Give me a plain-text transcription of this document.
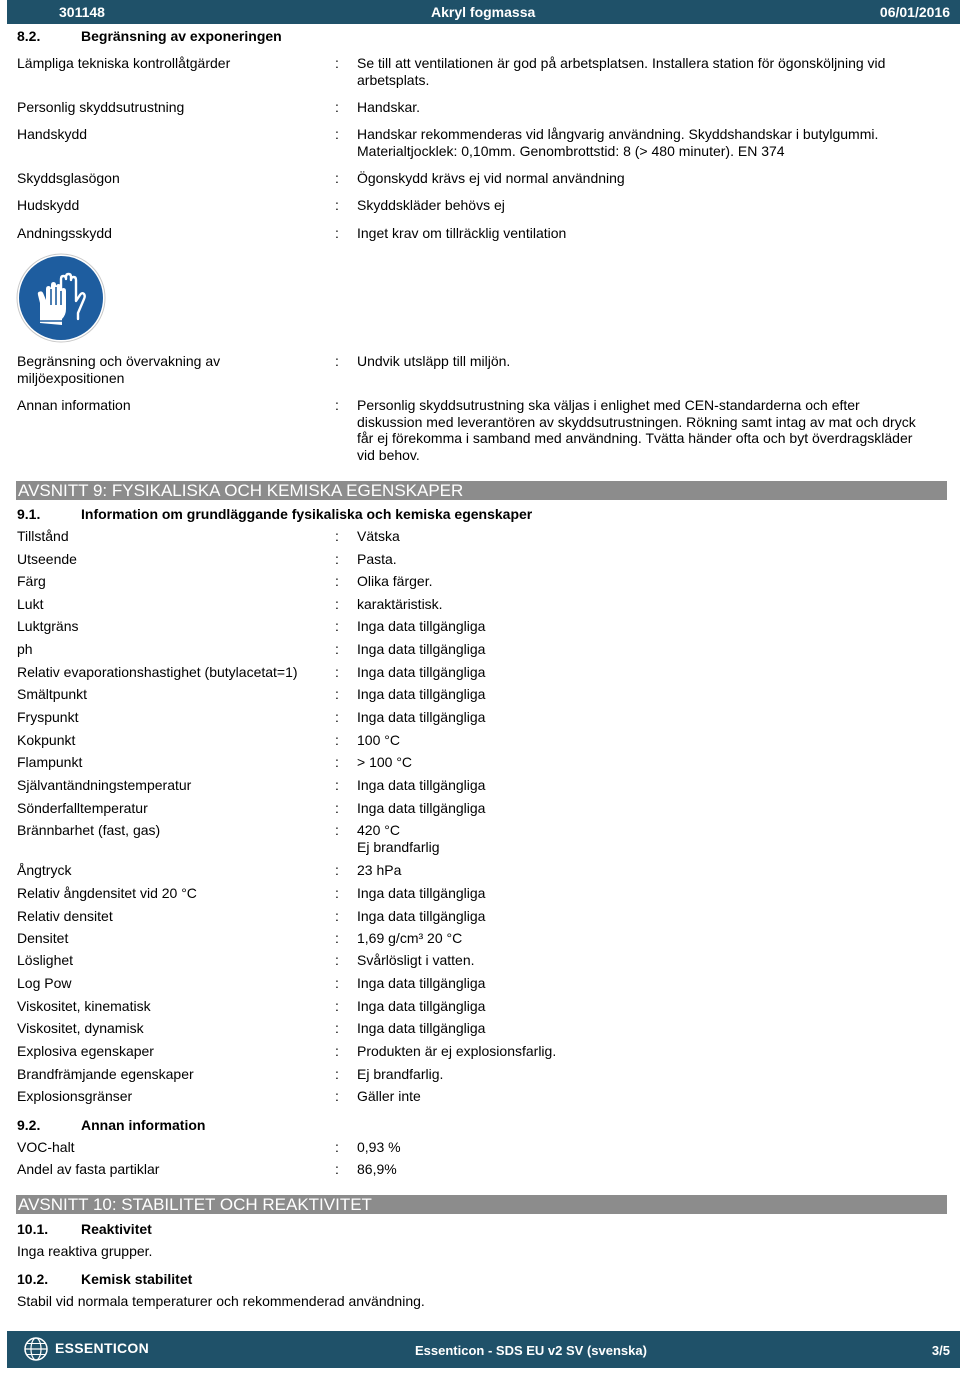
301148	Akryl fogmassa	06/01/2016
8.2.	Begränsning av exponeringen
Lämpliga tekniska kontrollåtgärder	: Se till att ventilationen är god på arbetsplatsen. Installera station för ögonsköljning vid
arbetsplats.
Personlig skyddsutrustning	: Handskar.
Handskydd	: Handskar rekommenderas vid långvarig användning. Skyddshandskar i butylgummi.
Materialtjocklek: 0,10mm. Genombrottstid: 8 (> 480 minuter). EN 374
Skyddsglasögon	: Ögonskydd krävs ej vid normal användning
Hudskydd	: Skyddskläder behövs ej
Andningsskydd	: Inget krav om tillräcklig ventilation
Begränsning och övervakning av
miljöexpositionen
: Undvik utsläpp till miljön.
Annan information	: Personlig skyddsutrustning ska väljas i enlighet med CEN-standarderna och efter
diskussion med leverantören av skyddsutrustningen. Rökning samt intag av mat och dryck
får ej förekomma i samband med användning. Tvätta händer ofta och byt överdragskläder
vid behov.
AVSNITT 9: FYSIKALISKA OCH KEMISKA EGENSKAPER
9.1.	Information om grundläggande fysikaliska och kemiska egenskaper
Tillstånd	: Vätska
Utseende	: Pasta.
Färg	: Olika färger.
Lukt	: karaktäristisk.
Luktgräns	: Inga data tillgängliga
ph	: Inga data tillgängliga
Relativ evaporationshastighet (butylacetat=1)	: Inga data tillgängliga
Smältpunkt	: Inga data tillgängliga
Fryspunkt	: Inga data tillgängliga
Kokpunkt	: 100 °C
Flampunkt	: > 100 °C
Självantändningstemperatur	: Inga data tillgängliga
Sönderfalltemperatur	: Inga data tillgängliga
Brännbarhet (fast, gas)	: 420 °C
Ej brandfarlig
Ångtryck	: 23 hPa
Relativ ångdensitet vid 20 °C	: Inga data tillgängliga
Relativ densitet	: Inga data tillgängliga
Densitet	: 1,69 g/cm³ 20 °C
Löslighet	: Svårlösligt i vatten.
Log Pow	: Inga data tillgängliga
Viskositet, kinematisk	: Inga data tillgängliga
Viskositet, dynamisk	: Inga data tillgängliga
Explosiva egenskaper	: Produkten är ej explosionsfarlig.
Brandfrämjande egenskaper	: Ej brandfarlig.
Explosionsgränser	: Gäller inte
9.2.	Annan information
VOC-halt	: 0,93 %
Andel av fasta partiklar	: 86,9%
AVSNITT 10: STABILITET OCH REAKTIVITET
10.1. Reaktivitet
Inga reaktiva grupper.
10.2. Kemisk stabilitet
Stabil vid normala temperaturer och rekommenderad användning.
ESSENTICON	Essenticon - SDS EU v2 SV (svenska)	3/5
